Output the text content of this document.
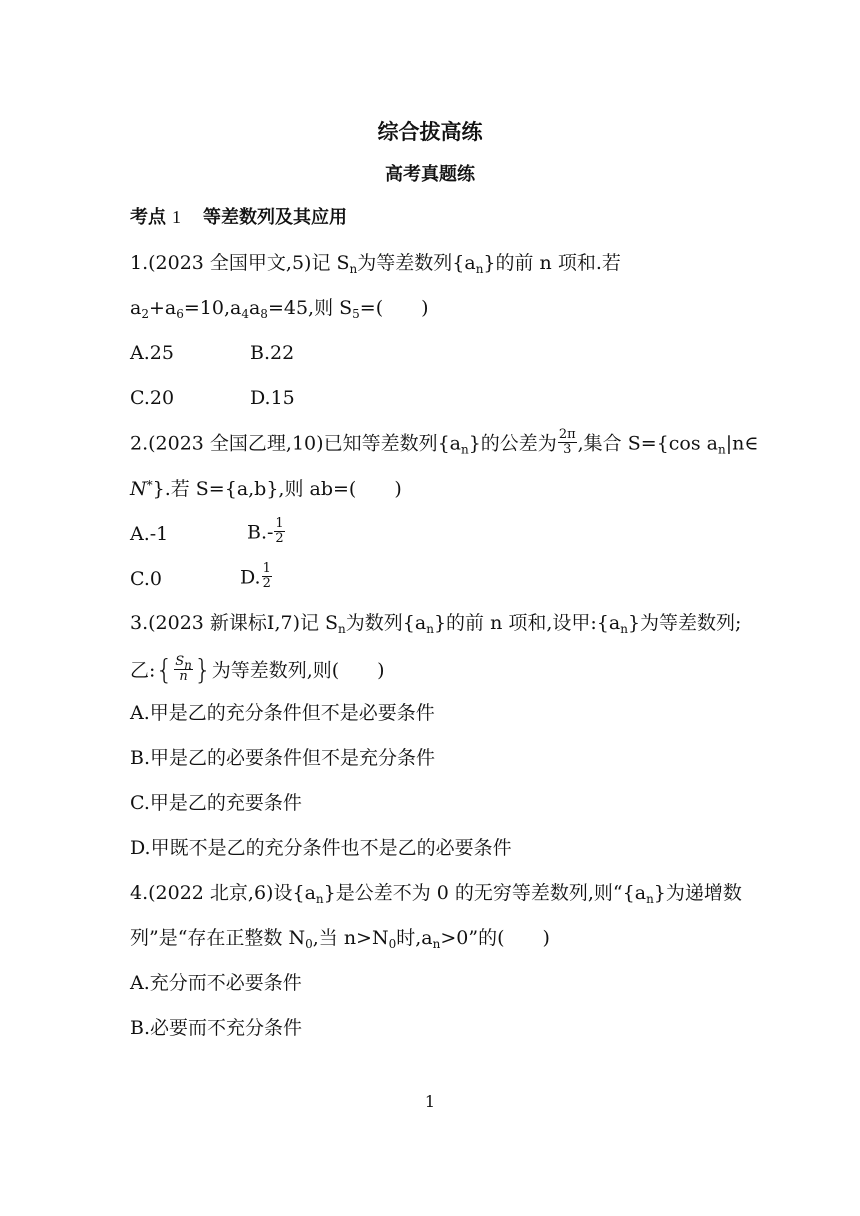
综合拔高练
高考真题练
考点 1 等差数列及其应用
1.(2023 全国甲文,5)记 $S_n$为等差数列$\{a_n\}$的前 n 项和.若
$a_2+a_6=10,a_4a_8=45$,则 $S_5=$(　　)
A.25	B.22
C.20	D.15
2.(2023 全国乙理,10)已知等差数列$\{a_n\}$的公差为 $\frac{2\pi}{3}$ ,集合 S={cos $a_n|n\in$
N*}.若 S={a,b},则 ab=(　　)
A.-1	$B.- \frac{1}{2}$
C.0	D. $\frac{1}{2}$
3.(2023 新课标Ⅰ,7)记 $S_n$为数列$\{a_n\}$的前 n 项和,设甲$:\{a_n\}$为等差数列;
乙:{ $\frac{S_n}{n}$ }为等差数列,则(　　)
A.甲是乙的充分条件但不是必要条件
B.甲是乙的必要条件但不是充分条件
C.甲是乙的充要条件
D.甲既不是乙的充分条件也不是乙的必要条件
4.(2022 北京,6)设$\{a_n\}$是公差不为 0 的无穷等差数列,则“$\{a_n\}$为递增数
列”是“存在正整数 $N_0$,当 $n>N_0$时$,a_n>0$”的(　　)
A.充分而不必要条件
B.必要而不充分条件
1
